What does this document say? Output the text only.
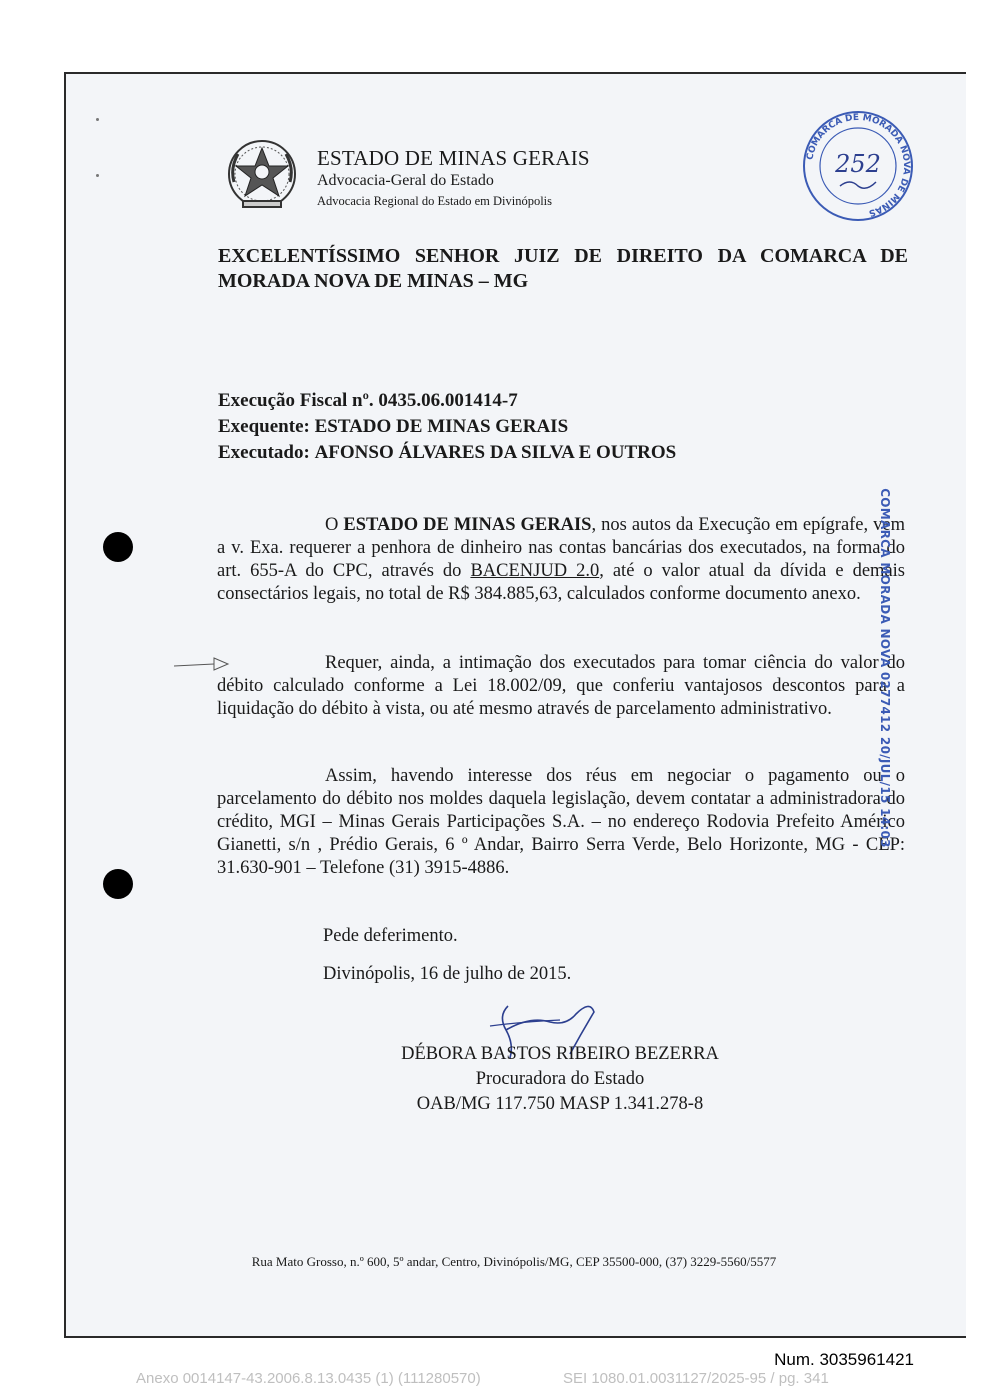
ESTADO DE MINAS GERAIS
Advocacia-Geral do Estado
Advocacia Regional do Estado em Divinópolis
COMARCA DE MORADA NOVA DE MINAS
252
EXCELENTÍSSIMO SENHOR JUIZ DE DIREITO DA COMARCA DE MORADA NOVA DE MINAS – MG
Execução Fiscal nº. 0435.06.001414-7
Exequente: ESTADO DE MINAS GERAIS
Executado: AFONSO ÁLVARES DA SILVA E OUTROS

O ESTADO DE MINAS GERAIS, nos autos da Execução em epígrafe, vem a v. Exa. requerer a penhora de dinheiro nas contas bancárias dos executados, na forma do art. 655-A do CPC, através do BACENJUD 2.0, até o valor atual da dívida e demais consectários legais, no total de R$ 384.885,63, calculados conforme documento anexo.

Requer, ainda, a intimação dos executados para tomar ciência do valor do débito calculado conforme a Lei 18.002/09, que conferiu vantajosos descontos para a liquidação do débito à vista, ou até mesmo através de parcelamento administrativo.

Assim, havendo interesse dos réus em negociar o pagamento ou o parcelamento do débito nos moldes daquela legislação, devem contatar a administradora do crédito, MGI – Minas Gerais Participações S.A. – no endereço Rodovia Prefeito Américo Gianetti, s/n , Prédio Gerais, 6 º Andar, Bairro Serra Verde, Belo Horizonte, MG - CEP: 31.630-901 – Telefone (31) 3915-4886.

Pede deferimento.
Divinópolis, 16 de julho de 2015.
DÉBORA BASTOS RIBEIRO BEZERRA
Procuradora do Estado
OAB/MG 117.750 MASP 1.341.278-8
COMARCA MORADA NOVA 0277412 20/JUL/15 14:03
Rua Mato Grosso, n.º 600, 5º andar, Centro, Divinópolis/MG, CEP 35500-000, (37) 3229-5560/5577
Num. 3035961421
Anexo 0014147-43.2006.8.13.0435 (1) (111280570)	SEI 1080.01.0031127/2025-95 / pg. 341
